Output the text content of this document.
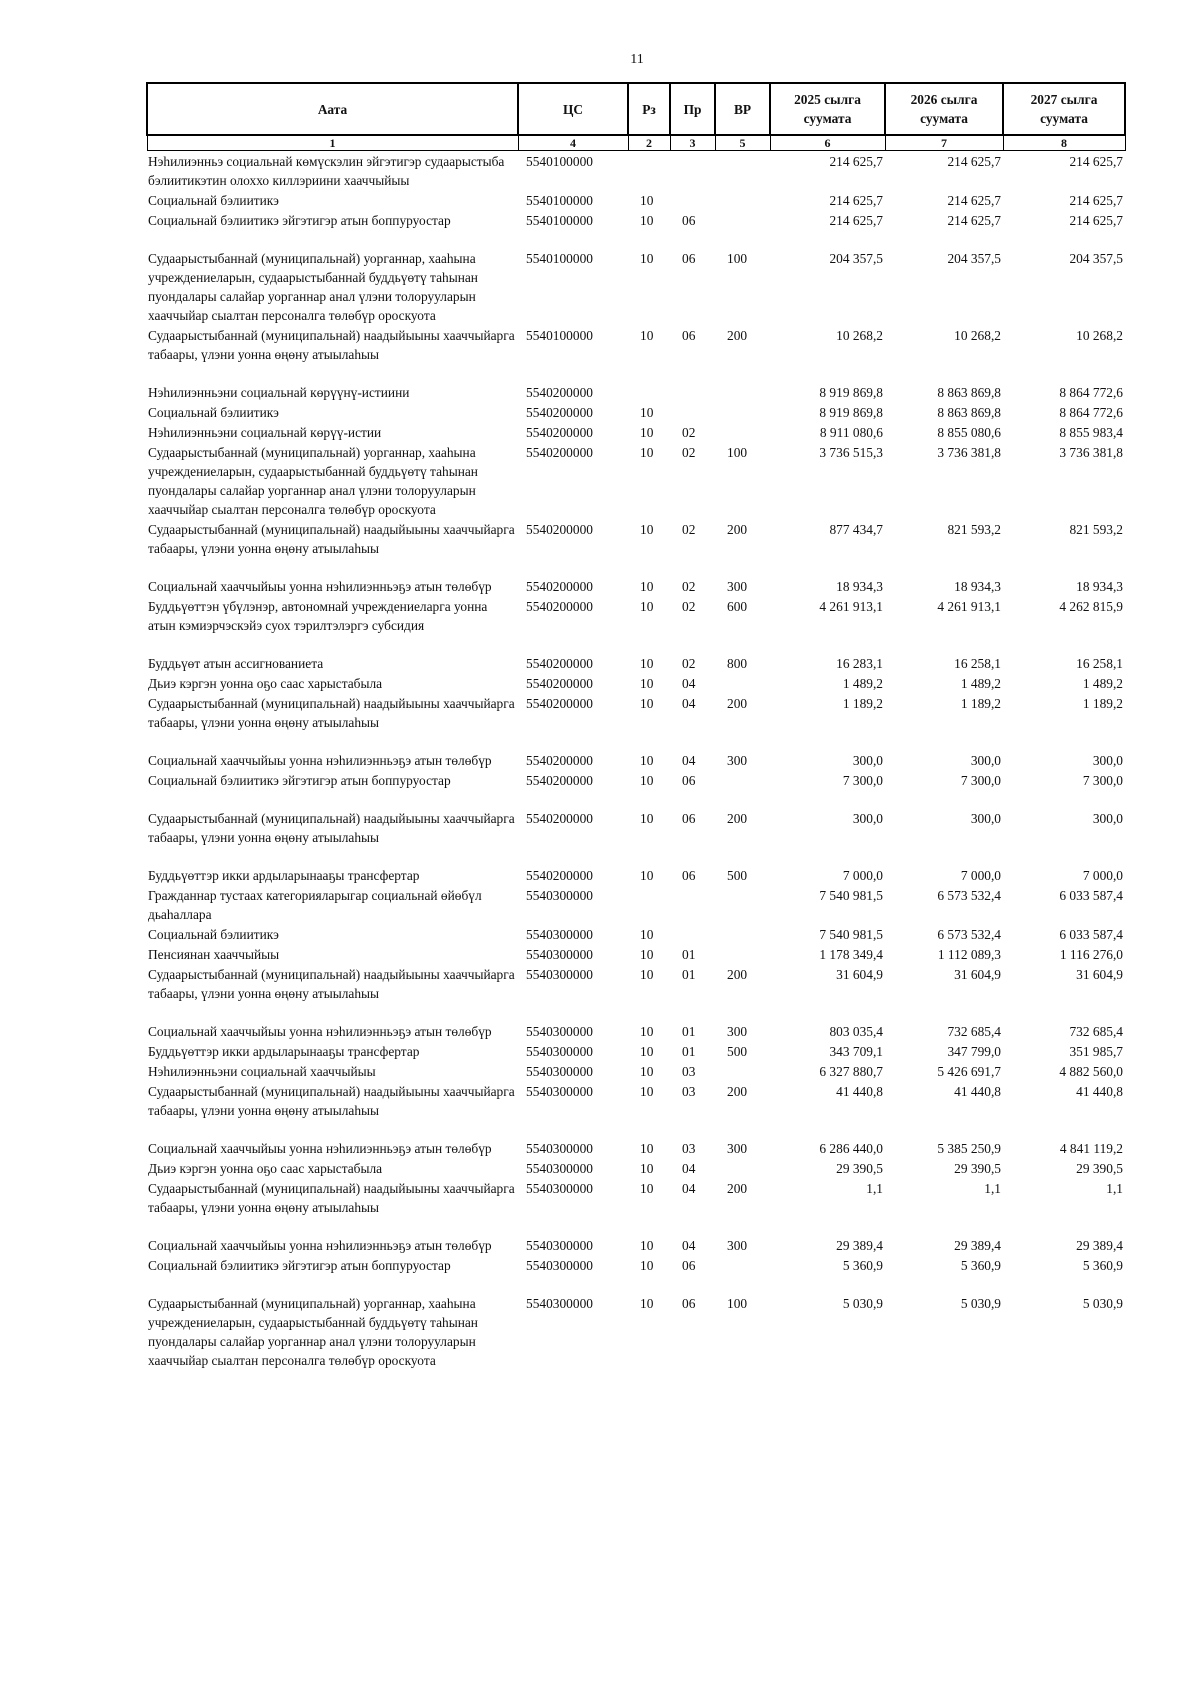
11
Аата	ЦС	Рз	Пр	ВР	2025 сылга суумата	2026 сылга суумата	2027 сылга суумата
1	4	2	3	5	6	7	8
Нэһилиэнньэ социальнай көмүскэлин эйгэтигэр судаарыстыба бэлиитикэтин олоххо киллэриини хааччыйыы	5540100000				214 625,7	214 625,7	214 625,7
Социальнай бэлиитикэ	5540100000	10			214 625,7	214 625,7	214 625,7
Социальнай бэлиитикэ эйгэтигэр атын боппуруостар	5540100000	10	06		214 625,7	214 625,7	214 625,7
Судаарыстыбаннай (муниципальнай) уорганнар, хааһына учреждениеларын, судаарыстыбаннай буддьүөтү таһынан пуондалары салайар уорганнар анал үлэни толорууларын хааччыйар сыалтан персоналга төлөбүр ороскуота	5540100000	10	06	100	204 357,5	204 357,5	204 357,5
Судаарыстыбаннай (муниципальнай) наадыйыыны хааччыйарга табаары, үлэни уонна өңөну атыылаһыы	5540100000	10	06	200	10 268,2	10 268,2	10 268,2
Нэһилиэнньэни социальнай көрүүнү-истиини	5540200000				8 919 869,8	8 863 869,8	8 864 772,6
Социальнай бэлиитикэ	5540200000	10			8 919 869,8	8 863 869,8	8 864 772,6
Нэһилиэнньэни социальнай көрүү-истии	5540200000	10	02		8 911 080,6	8 855 080,6	8 855 983,4
Судаарыстыбаннай (муниципальнай) уорганнар, хааһына учреждениеларын, судаарыстыбаннай буддьүөтү таһынан пуондалары салайар уорганнар анал үлэни толорууларын хааччыйар сыалтан персоналга төлөбүр ороскуота	5540200000	10	02	100	3 736 515,3	3 736 381,8	3 736 381,8
Судаарыстыбаннай (муниципальнай) наадыйыыны хааччыйарга табаары, үлэни уонна өңөну атыылаһыы	5540200000	10	02	200	877 434,7	821 593,2	821 593,2
Социальнай хааччыйыы уонна нэһилиэнньэҕэ атын төлөбүр	5540200000	10	02	300	18 934,3	18 934,3	18 934,3
Буддьүөттэн үбүлэнэр, автономнай учреждениеларга уонна атын кэмиэрчэскэйэ суох тэрилтэлэргэ субсидия	5540200000	10	02	600	4 261 913,1	4 261 913,1	4 262 815,9
Буддьүөт атын ассигнованиета	5540200000	10	02	800	16 283,1	16 258,1	16 258,1
Дьиэ кэргэн уонна оҕо саас харыстабыла	5540200000	10	04		1 489,2	1 489,2	1 489,2
Судаарыстыбаннай (муниципальнай) наадыйыыны хааччыйарга табаары, үлэни уонна өңөну атыылаһыы	5540200000	10	04	200	1 189,2	1 189,2	1 189,2
Социальнай хааччыйыы уонна нэһилиэнньэҕэ атын төлөбүр	5540200000	10	04	300	300,0	300,0	300,0
Социальнай бэлиитикэ эйгэтигэр атын боппуруостар	5540200000	10	06		7 300,0	7 300,0	7 300,0
Судаарыстыбаннай (муниципальнай) наадыйыыны хааччыйарга табаары, үлэни уонна өңөну атыылаһыы	5540200000	10	06	200	300,0	300,0	300,0
Буддьүөттэр икки ардыларынааҕы трансфертар	5540200000	10	06	500	7 000,0	7 000,0	7 000,0
Гражданнар тустаах категорияларыгар социальнай өйөбүл дьаһаллара	5540300000				7 540 981,5	6 573 532,4	6 033 587,4
Социальнай бэлиитикэ	5540300000	10			7 540 981,5	6 573 532,4	6 033 587,4
Пенсиянан хааччыйыы	5540300000	10	01		1 178 349,4	1 112 089,3	1 116 276,0
Судаарыстыбаннай (муниципальнай) наадыйыыны хааччыйарга табаары, үлэни уонна өңөну атыылаһыы	5540300000	10	01	200	31 604,9	31 604,9	31 604,9
Социальнай хааччыйыы уонна нэһилиэнньэҕэ атын төлөбүр	5540300000	10	01	300	803 035,4	732 685,4	732 685,4
Буддьүөттэр икки ардыларынааҕы трансфертар	5540300000	10	01	500	343 709,1	347 799,0	351 985,7
Нэһилиэнньэни социальнай хааччыйыы	5540300000	10	03		6 327 880,7	5 426 691,7	4 882 560,0
Судаарыстыбаннай (муниципальнай) наадыйыыны хааччыйарга табаары, үлэни уонна өңөну атыылаһыы	5540300000	10	03	200	41 440,8	41 440,8	41 440,8
Социальнай хааччыйыы уонна нэһилиэнньэҕэ атын төлөбүр	5540300000	10	03	300	6 286 440,0	5 385 250,9	4 841 119,2
Дьиэ кэргэн уонна оҕо саас харыстабыла	5540300000	10	04		29 390,5	29 390,5	29 390,5
Судаарыстыбаннай (муниципальнай) наадыйыыны хааччыйарга табаары, үлэни уонна өңөну атыылаһыы	5540300000	10	04	200	1,1	1,1	1,1
Социальнай хааччыйыы уонна нэһилиэнньэҕэ атын төлөбүр	5540300000	10	04	300	29 389,4	29 389,4	29 389,4
Социальнай бэлиитикэ эйгэтигэр атын боппуруостар	5540300000	10	06		5 360,9	5 360,9	5 360,9
Судаарыстыбаннай (муниципальнай) уорганнар, хааһына учреждениеларын, судаарыстыбаннай буддьүөтү таһынан пуондалары салайар уорганнар анал үлэни толорууларын хааччыйар сыалтан персоналга төлөбүр ороскуота	5540300000	10	06	100	5 030,9	5 030,9	5 030,9
